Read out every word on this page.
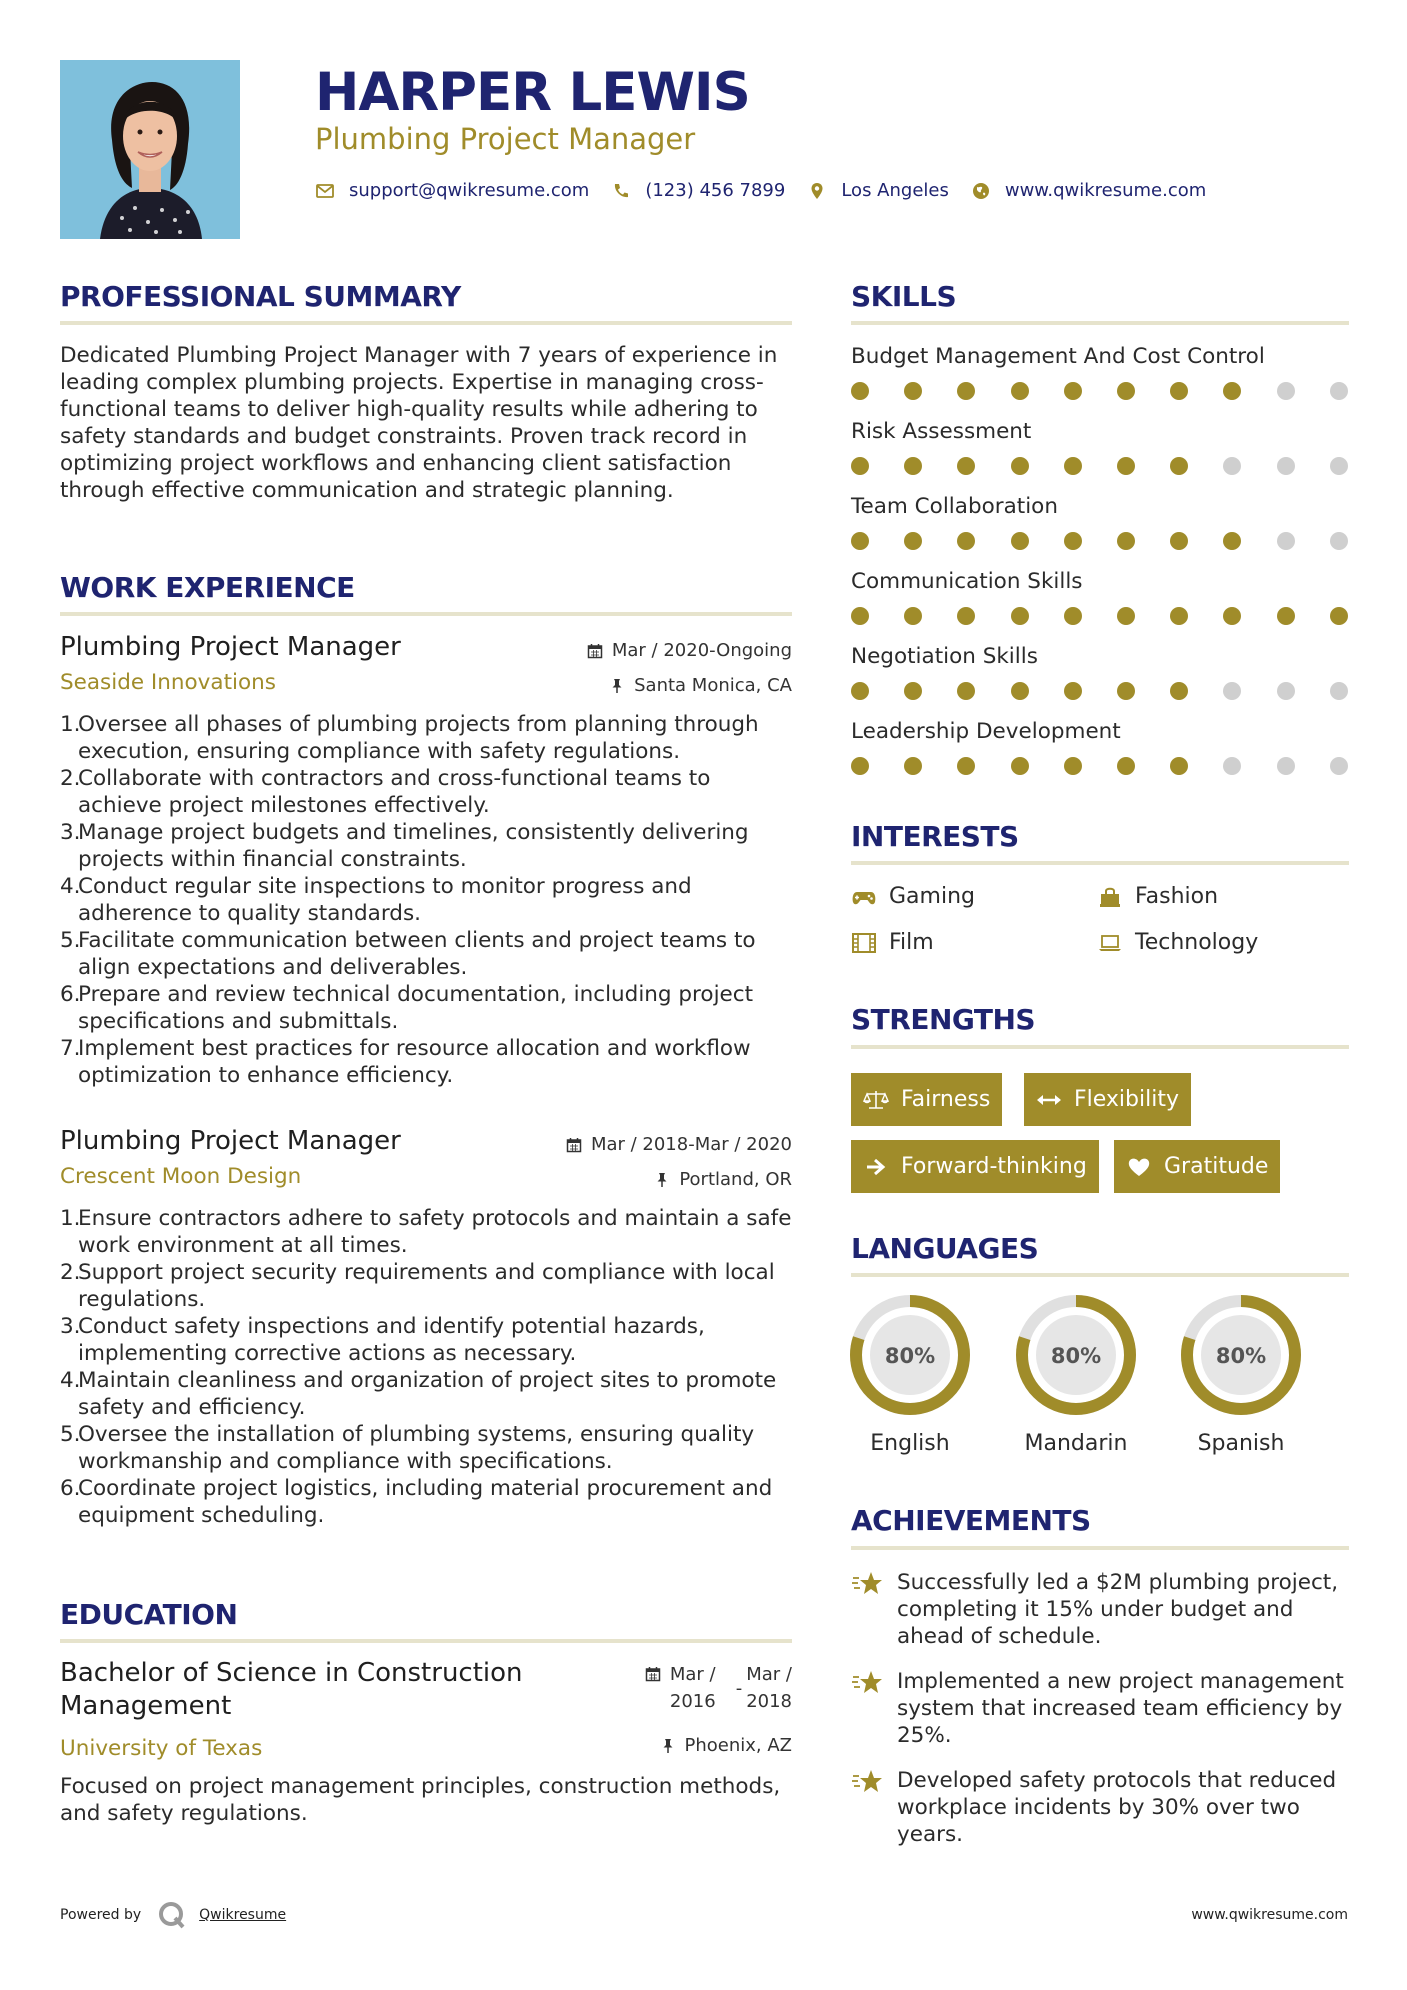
HARPER LEWIS
Plumbing Project Manager
support@qwikresume.com	(123) 456 7899	Los Angeles	www.qwikresume.com
PROFESSIONAL SUMMARY
Dedicated Plumbing Project Manager with 7 years of experience in leading complex plumbing projects. Expertise in managing cross-functional teams to deliver high-quality results while adhering to safety standards and budget constraints. Proven track record in optimizing project workflows and enhancing client satisfaction through effective communication and strategic planning.
WORK EXPERIENCE
Plumbing Project Manager
Seaside Innovations
Mar / 2020-Ongoing
Santa Monica, CA
1.Oversee all phases of plumbing projects from planning through execution, ensuring compliance with safety regulations.
2.Collaborate with contractors and cross-functional teams to achieve project milestones effectively.
3.Manage project budgets and timelines, consistently delivering projects within financial constraints.
4.Conduct regular site inspections to monitor progress and adherence to quality standards.
5.Facilitate communication between clients and project teams to align expectations and deliverables.
6.Prepare and review technical documentation, including project specifications and submittals.
7.Implement best practices for resource allocation and workflow optimization to enhance efficiency.
Plumbing Project Manager
Crescent Moon Design
Mar / 2018-Mar / 2020
Portland, OR
1.Ensure contractors adhere to safety protocols and maintain a safe work environment at all times.
2.Support project security requirements and compliance with local regulations.
3.Conduct safety inspections and identify potential hazards, implementing corrective actions as necessary.
4.Maintain cleanliness and organization of project sites to promote safety and efficiency.
5.Oversee the installation of plumbing systems, ensuring quality workmanship and compliance with specifications.
6.Coordinate project logistics, including material procurement and equipment scheduling.
EDUCATION
Bachelor of Science in Construction Management
University of Texas
Mar /
2016
-
Mar /
2018
Phoenix, AZ
Focused on project management principles, construction methods, and safety regulations.
SKILLS
Budget Management And Cost Control
Risk Assessment
Team Collaboration
Communication Skills
Negotiation Skills
Leadership Development
INTERESTS
Gaming	Fashion
Film	Technology
STRENGTHS
Fairness	Flexibility
Forward-thinking	Gratitude
LANGUAGES
80%
English
80%
Mandarin
80%
Spanish
ACHIEVEMENTS
Successfully led a $2M plumbing project, completing it 15% under budget and ahead of schedule.
Implemented a new project management system that increased team efficiency by 25%.
Developed safety protocols that reduced workplace incidents by 30% over two years.
Powered by	Qwikresume	www.qwikresume.com
